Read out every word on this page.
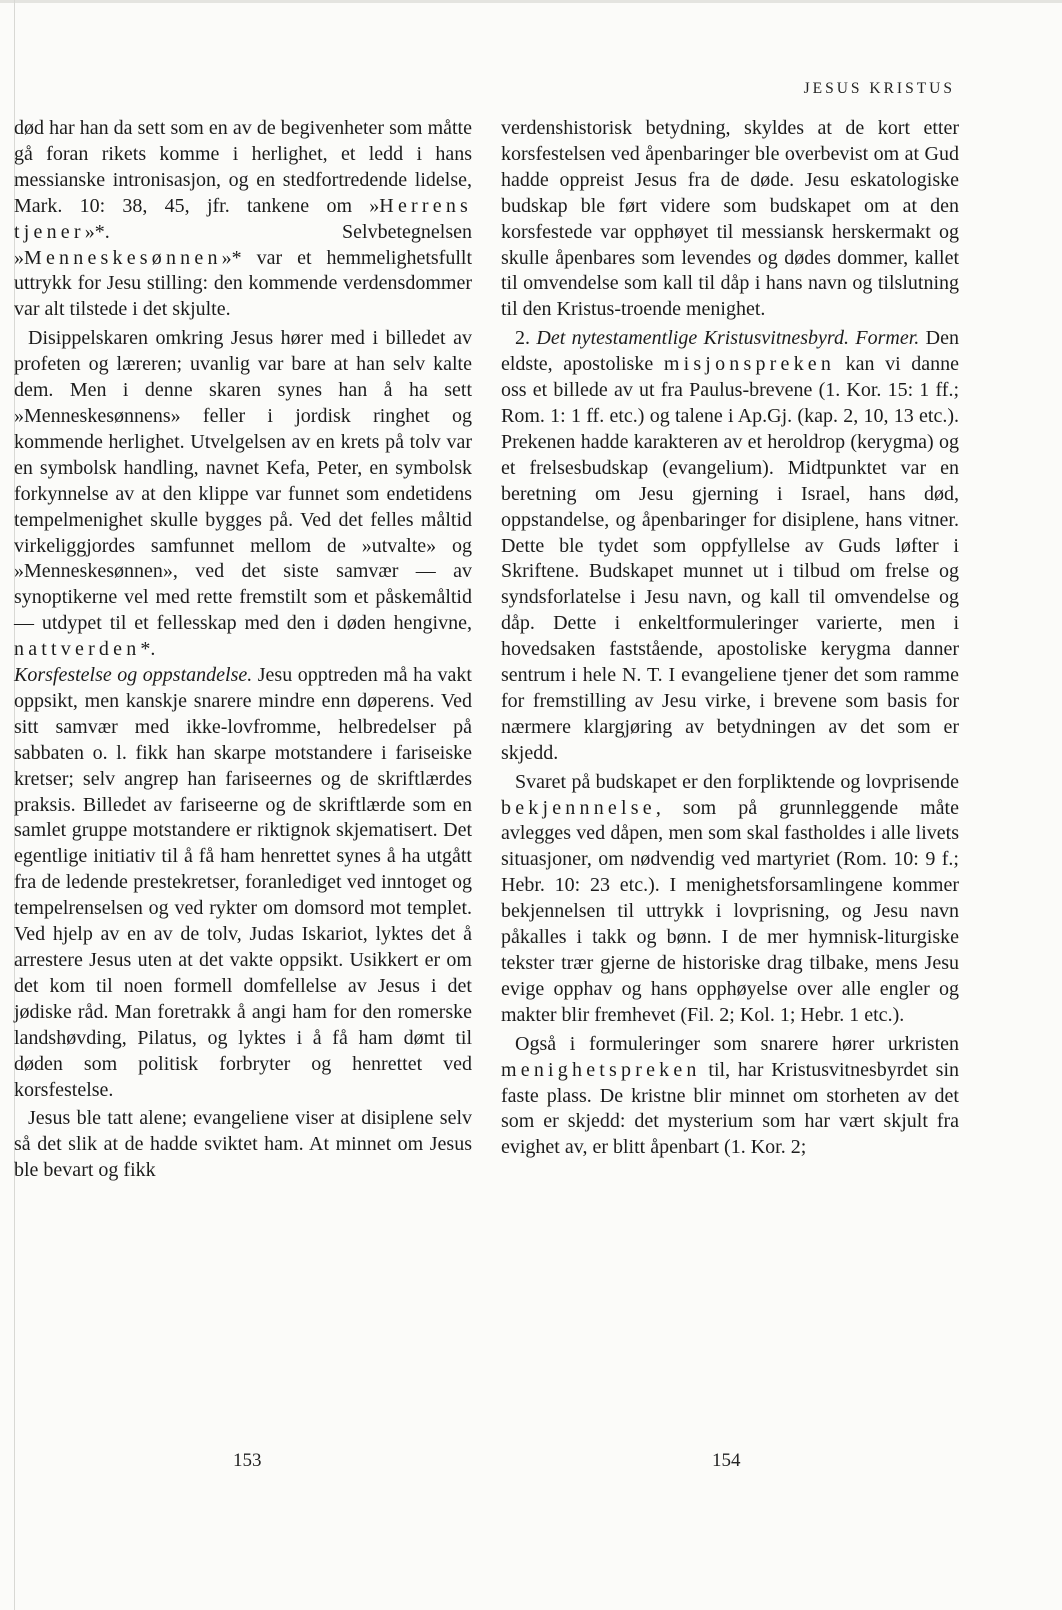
JESUS KRISTUS

død har han da sett som en av de begivenheter som måtte gå foran rikets komme i herlighet, et ledd i hans messianske intronisasjon, og en stedfortredende lidelse, Mark. 10: 38, 45, jfr. tankene om »Herrens tjener»*. Selvbetegnelsen »Menneskesønnen»* var et hemmelighetsfullt uttrykk for Jesu stilling: den kommende verdensdommer var alt tilstede i det skjulte.

Disippelskaren omkring Jesus hører med i billedet av profeten og læreren; uvanlig var bare at han selv kalte dem. Men i denne skaren synes han å ha sett »Menneskesønnens» feller i jordisk ringhet og kommende herlighet. Utvelgelsen av en krets på tolv var en symbolsk handling, navnet Kefa, Peter, en symbolsk forkynnelse av at den klippe var funnet som endetidens tempelmenighet skulle bygges på. Ved det felles måltid virkeliggjordes samfunnet mellom de »utvalte» og »Menneskesønnen», ved det siste samvær — av synoptikerne vel med rette fremstilt som et påskemåltid — utdypet til et fellesskap med den i døden hengivne, nattverden*.

Korsfestelse og oppstandelse. Jesu opptreden må ha vakt oppsikt, men kanskje snarere mindre enn døperens. Ved sitt samvær med ikke-lovfromme, helbredelser på sabbaten o. l. fikk han skarpe motstandere i fariseiske kretser; selv angrep han fariseernes og de skriftlærdes praksis. Billedet av fariseerne og de skriftlærde som en samlet gruppe motstandere er riktignok skjematisert. Det egentlige initiativ til å få ham henrettet synes å ha utgått fra de ledende prestekretser, foranlediget ved inntoget og tempelrenselsen og ved rykter om domsord mot templet. Ved hjelp av en av de tolv, Judas Iskariot, lyktes det å arrestere Jesus uten at det vakte oppsikt. Usikkert er om det kom til noen formell domfellelse av Jesus i det jødiske råd. Man foretrakk å angi ham for den romerske landshøvding, Pilatus, og lyktes i å få ham dømt til døden som politisk forbryter og henrettet ved korsfestelse.

Jesus ble tatt alene; evangeliene viser at disiplene selv så det slik at de hadde sviktet ham. At minnet om Jesus ble bevart og fikk

verdenshistorisk betydning, skyldes at de kort etter korsfestelsen ved åpenbaringer ble overbevist om at Gud hadde oppreist Jesus fra de døde. Jesu eskatologiske budskap ble ført videre som budskapet om at den korsfestede var opphøyet til messiansk herskermakt og skulle åpenbares som levendes og dødes dommer, kallet til omvendelse som kall til dåp i hans navn og tilslutning til den Kristus-troende menighet.

2. Det nytestamentlige Kristusvitnesbyrd. Former. Den eldste, apostoliske misjonspreken kan vi danne oss et billede av ut fra Paulus-brevene (1. Kor. 15: 1 ff.; Rom. 1: 1 ff. etc.) og talene i Ap.Gj. (kap. 2, 10, 13 etc.). Prekenen hadde karakteren av et heroldrop (kerygma) og et frelsesbudskap (evangelium). Midtpunktet var en beretning om Jesu gjerning i Israel, hans død, oppstandelse, og åpenbaringer for disiplene, hans vitner. Dette ble tydet som oppfyllelse av Guds løfter i Skriftene. Budskapet munnet ut i tilbud om frelse og syndsforlatelse i Jesu navn, og kall til omvendelse og dåp. Dette i enkeltformuleringer varierte, men i hovedsaken faststående, apostoliske kerygma danner sentrum i hele N. T. I evangeliene tjener det som ramme for fremstilling av Jesu virke, i brevene som basis for nærmere klargjøring av betydningen av det som er skjedd.

Svaret på budskapet er den forpliktende og lovprisende bekjennnelse, som på grunnleggende måte avlegges ved dåpen, men som skal fastholdes i alle livets situasjoner, om nødvendig ved martyriet (Rom. 10: 9 f.; Hebr. 10: 23 etc.). I menighetsforsamlingene kommer bekjennelsen til uttrykk i lovprisning, og Jesu navn påkalles i takk og bønn. I de mer hymnisk-liturgiske tekster trær gjerne de historiske drag tilbake, mens Jesu evige opphav og hans opphøyelse over alle engler og makter blir fremhevet (Fil. 2; Kol. 1; Hebr. 1 etc.).

Også i formuleringer som snarere hører urkristen menighetspreken til, har Kristusvitnesbyrdet sin faste plass. De kristne blir minnet om storheten av det som er skjedd: det mysterium som har vært skjult fra evighet av, er blitt åpenbart (1. Kor. 2;

153	154
